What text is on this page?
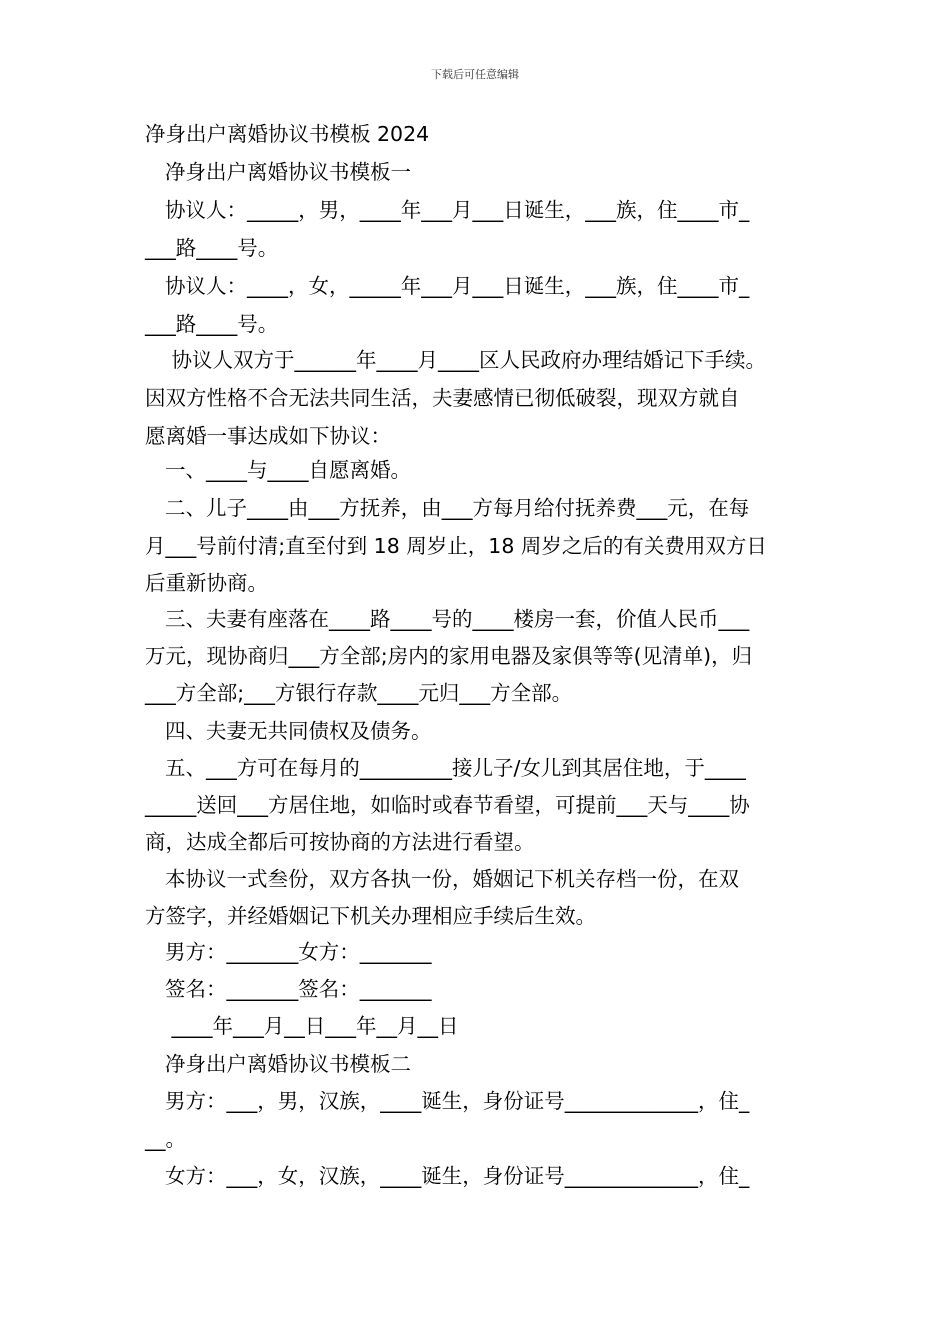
下载后可任意编辑
净身出户离婚协议书模板 2024
净身出户离婚协议书模板一
协议人：_____，男，____年___月___日诞生，___族，住____市_
___路____号。
协议人：____，女，_____年___月___日诞生，___族，住____市_
___路____号。
协议人双方于______年____月____区人民政府办理结婚记下手续。
因双方性格不合无法共同生活，夫妻感情已彻低破裂，现双方就自
愿离婚一事达成如下协议：
一、____与____自愿离婚。
二、儿子____由___方抚养，由___方每月给付抚养费___元，在每
月___号前付清;直至付到 18 周岁止，18 周岁之后的有关费用双方日
后重新协商。
三、夫妻有座落在____路____号的____楼房一套，价值人民币___
万元，现协商归___方全部;房内的家用电器及家俱等等(见清单)，归
___方全部;___方银行存款____元归___方全部。
四、夫妻无共同债权及债务。
五、___方可在每月的_________接儿子/女儿到其居住地，于____
_____送回___方居住地，如临时或春节看望，可提前___天与____协
商，达成全都后可按协商的方法进行看望。
本协议一式叁份，双方各执一份，婚姻记下机关存档一份，在双
方签字，并经婚姻记下机关办理相应手续后生效。
男方：_______女方：_______
签名：_______签名：_______
____年___月__日___年__月__日
净身出户离婚协议书模板二
男方：___，男，汉族，____诞生，身份证号_____________，住_
__。
女方：___，女，汉族，____诞生，身份证号_____________，住_
